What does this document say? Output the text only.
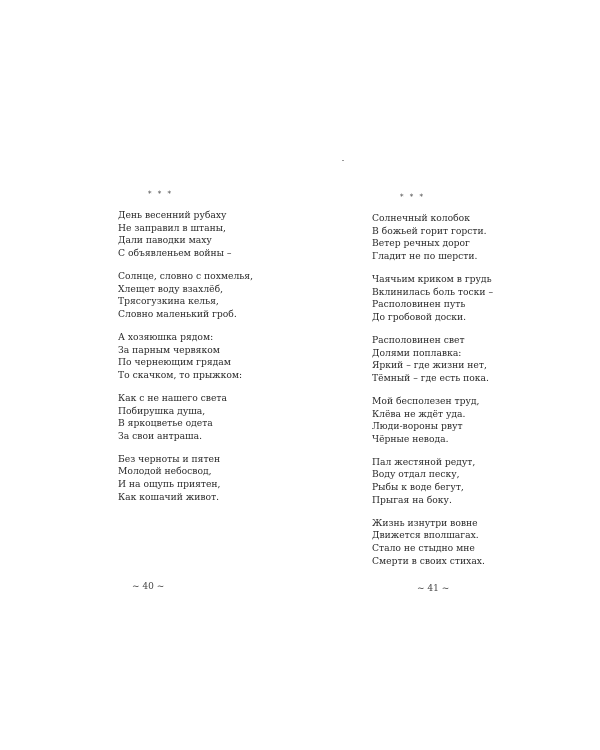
* * *
День весенний рубаху
Не заправил в штаны,
Дали паводки маху
С объявленьем войны –
Солнце, словно с похмелья,
Хлещет воду взахлёб,
Трясогузкина келья,
Словно маленький гроб.
А хозяюшка рядом:
За парным червяком
По чернеющим грядам
То скачком, то прыжком:
Как с не нашего света
Побирушка душа,
В яркоцветье одета
За свои антраша.
Без черноты и пятен
Молодой небосвод,
И на ощупь приятен,
Как кошачий живот.
~ 40 ~
* * *
Солнечный колобок
В божьей горит горсти.
Ветер речных дорог
Гладит не по шерсти.
Чаячьим криком в грудь
Вклинилась боль тоски –
Располовинен путь
До гробовой доски.
Располовинен свет
Долями поплавка:
Яркий – где жизни нет,
Тёмный – где есть пока.
Мой бесполезен труд,
Клёва не ждёт уда.
Люди-вороны рвут
Чёрные невода.
Пал жестяной редут,
Воду отдал песку,
Рыбы к воде бегут,
Прыгая на боку.
Жизнь изнутри вовне
Движется вполшагах.
Стало не стыдно мне
Смерти в своих стихах.
~ 41 ~
